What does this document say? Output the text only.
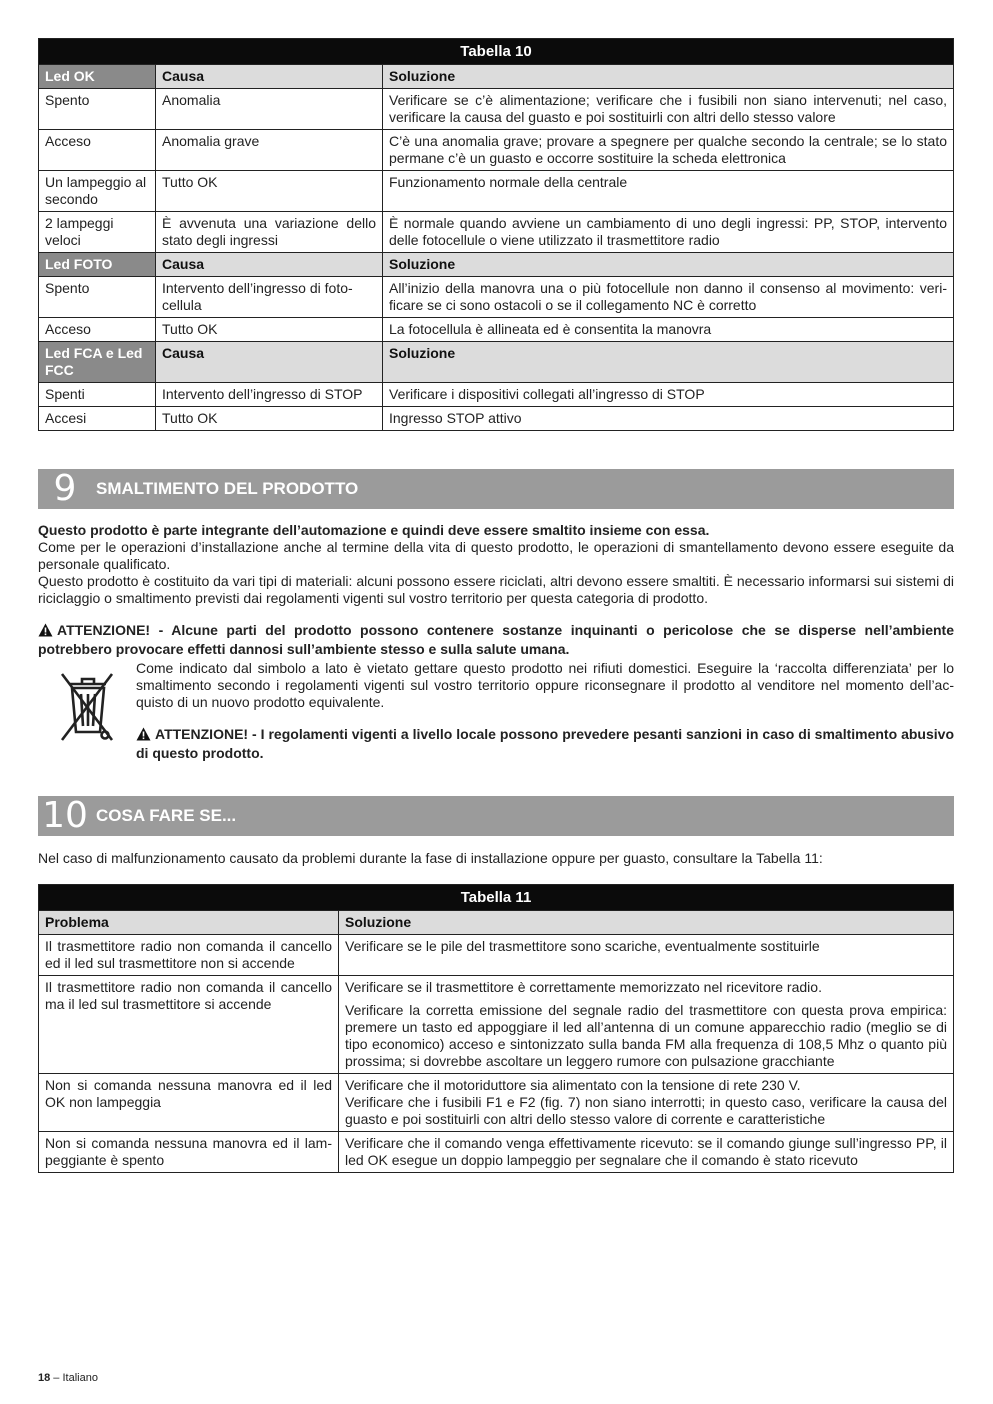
Tabella 10		
Led OK	Causa	Soluzione
Spento	Anomalia	Verificare se c’è alimentazione; verificare che i fusibili non siano intervenuti; nel caso, verificare la causa del guasto e poi sostituirli con altri dello stesso valore
Acceso	Anomalia grave	C’è una anomalia grave; provare a spegnere per qualche secondo la centrale; se lo stato permane c’è un guasto e occorre sostituire la scheda elettronica
Un lampeggio al secondo	Tutto OK	Funzionamento normale della centrale
2 lampeggi veloci	È avvenuta una variazione dello stato degli ingressi	È normale quando avviene un cambiamento di uno degli ingressi: PP, STOP, intervento delle fotocellule o viene utilizzato il trasmettitore radio
Led FOTO	Causa	Soluzione
Spento	Intervento dell’ingresso di foto-cellula	All’inizio della manovra una o più fotocellule non danno il consenso al movimento: veri-ficare se ci sono ostacoli o se il collegamento NC è corretto
Acceso	Tutto OK	La fotocellula è allineata ed è consentita la manovra
Led FCA e Led FCC	Causa	Soluzione
Spenti	Intervento dell’ingresso di STOP	Verificare i dispositivi collegati all’ingresso di STOP
Accesi	Tutto OK	Ingresso STOP attivo
9	SMALTIMENTO DEL PRODOTTO

Questo prodotto è parte integrante dell’automazione e quindi deve essere smaltito insieme con essa.

Come per le operazioni d’installazione anche al termine della vita di questo prodotto, le operazioni di smantellamento devono essere eseguite da personale qualificato.

Questo prodotto è costituito da vari tipi di materiali: alcuni possono essere riciclati, altri devono essere smaltiti. È necessario informarsi sui sistemi di riciclaggio o smaltimento previsti dai regolamenti vigenti sul vostro territorio per questa categoria di prodotto.

ATTENZIONE! - Alcune parti del prodotto possono contenere sostanze inquinanti o pericolose che se disperse nell’ambiente potrebbero provocare effetti dannosi sull’ambiente stesso e sulla salute umana.

Come indicato dal simbolo a lato è vietato gettare questo prodotto nei rifiuti domestici. Eseguire la ‘raccolta differenziata’ per lo smaltimento secondo i regolamenti vigenti sul vostro territorio oppure riconsegnare il prodotto al venditore nel momento dell’ac-quisto di un nuovo prodotto equivalente.

ATTENZIONE! - I regolamenti vigenti a livello locale possono prevedere pesanti sanzioni in caso di smaltimento abusivo di questo prodotto.

10 COSA FARE SE...

Nel caso di malfunzionamento causato da problemi durante la fase di installazione oppure per guasto, consultare la Tabella 11:

Tabella 11	
Problema	Soluzione
Il trasmettitore radio non comanda il cancello ed il led sul trasmettitore non si accende	Verificare se le pile del trasmettitore sono scariche, eventualmente sostituirle
Il trasmettitore radio non comanda il cancello ma il led sul trasmettitore si accende	Verificare se il trasmettitore è correttamente memorizzato nel ricevitore radio.
Verificare la corretta emissione del segnale radio del trasmettitore con questa prova empirica: premere un tasto ed appoggiare il led all’antenna di un comune apparecchio radio (meglio se di tipo economico) acceso e sintonizzato sulla banda FM alla frequenza di 108,5 Mhz o quanto più prossima; si dovrebbe ascoltare un leggero rumore con pulsazione gracchiante

Non si comanda nessuna manovra ed il led OK non lampeggia	Verificare che il motoriduttore sia alimentato con la tensione di rete 230 V.
Verificare che i fusibili F1 e F2 (fig. 7) non siano interrotti; in questo caso, verificare la causa del guasto e poi sostituirli con altri dello stesso valore di corrente e caratteristiche

Non si comanda nessuna manovra ed il lam-peggiante è spento	Verificare che il comando venga effettivamente ricevuto: se il comando giunge sull’ingresso PP, il led OK esegue un doppio lampeggio per segnalare che il comando è stato ricevuto
18 – Italiano
